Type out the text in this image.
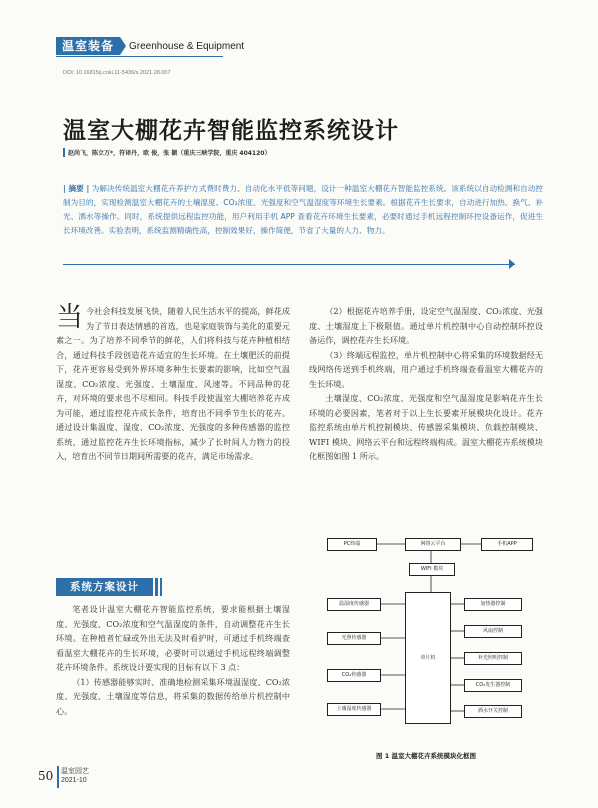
温室装备	Greenhouse & Equipment
DOI: 10.16815/j.cnki.11-5436/s.2021.28.007
温室大棚花卉智能监控系统设计
赵尚飞，陈立万*，符译丹，欧 俊，张 颖（重庆三峡学院，重庆 404120）
| 摘要 | 为解决传统温室大棚花卉养护方式费时费力、自动化水平低等问题，设计一种温室大棚花卉智能监控系统。该系统以自动检测和自动控制为目的，实现检测温室大棚花卉的土壤湿度、CO₂浓度、光强度和空气温湿度等环境生长要素。根据花卉生长要求，自动进行加热、换气、补光、洒水等操作。同时，系统提供远程监控功能，用户利用手机 APP 查看花卉环境生长要素，必要时通过手机远程控制环控设备运作，促进生长环境改善。实验表明，系统监测精确性高，控制效果好，操作简便，节省了大量的人力、物力。

当今社会科技发展飞快，随着人民生活水平的提高，鲜花成为了节日表达情感的首选，也是家庭装饰与美化的重要元素之一。为了培养不同季节的鲜花，人们将科技与花卉种植相结合，通过科技手段创造花卉适宜的生长环境。在土壤肥沃的前提下，花卉更容易受到外界环境多种生长要素的影响，比如空气温湿度、CO₂浓度、光强度、土壤湿度、风速等。不同品种的花卉，对环境的要求也不尽相同。科技手段使温室大棚培养花卉成为可能，通过监控花卉成长条件，培育出不同季节生长的花卉。通过设计集温度、湿度、CO₂浓度、光强度的多种传感器的监控系统，通过监控花卉生长环境指标，减少了长时间人力物力的投入，培育出不同节日期间所需要的花卉，满足市场需求。

系统方案设计

笔者设计温室大棚花卉智能监控系统，要求能根据土壤湿度、光强度、CO₂浓度和空气温湿度的条件，自动调整花卉生长环境。在种植者忙碌或外出无法及时看护时，可通过手机终端查看温室大棚花卉的生长环境，必要时可以通过手机远程终端调整花卉环境条件。系统设计要实现的目标有以下 3 点：

（1）传感器能够实时、准确地检测采集环境温湿度、CO₂浓度、光强度、土壤湿度等信息，将采集的数据传给单片机控制中心。

（2）根据花卉培养手册，设定空气温湿度、CO₂浓度、光强度、土壤湿度上下极限值。通过单片机控制中心自动控制环控设备运作，调控花卉生长环境。

（3）终端远程监控，单片机控制中心将采集的环境数据经无线网络传送到手机终端，用户通过手机终端查看温室大棚花卉的生长环境。

土壤湿度、CO₂浓度、光强度和空气温湿度是影响花卉生长环境的必要因素，笔者对于以上生长要素开展模块化设计。花卉监控系统由单片机控制模块、传感器采集模块、负载控制模块、WIFI 模块、网络云平台和远程终端构成。温室大棚花卉系统模块化框图如图 1 所示。

PC终端	网络云平台	手机APP
WIFI 模块
单片机
温湿度传感器
光照传感器
CO₂传感器
土壤湿度传感器
加热器控制
风扇控制
补光照明控制
CO₂发生器控制
洒水开关控制
图 1 温室大棚花卉系统模块化框图
50 温室园艺
2021-10
